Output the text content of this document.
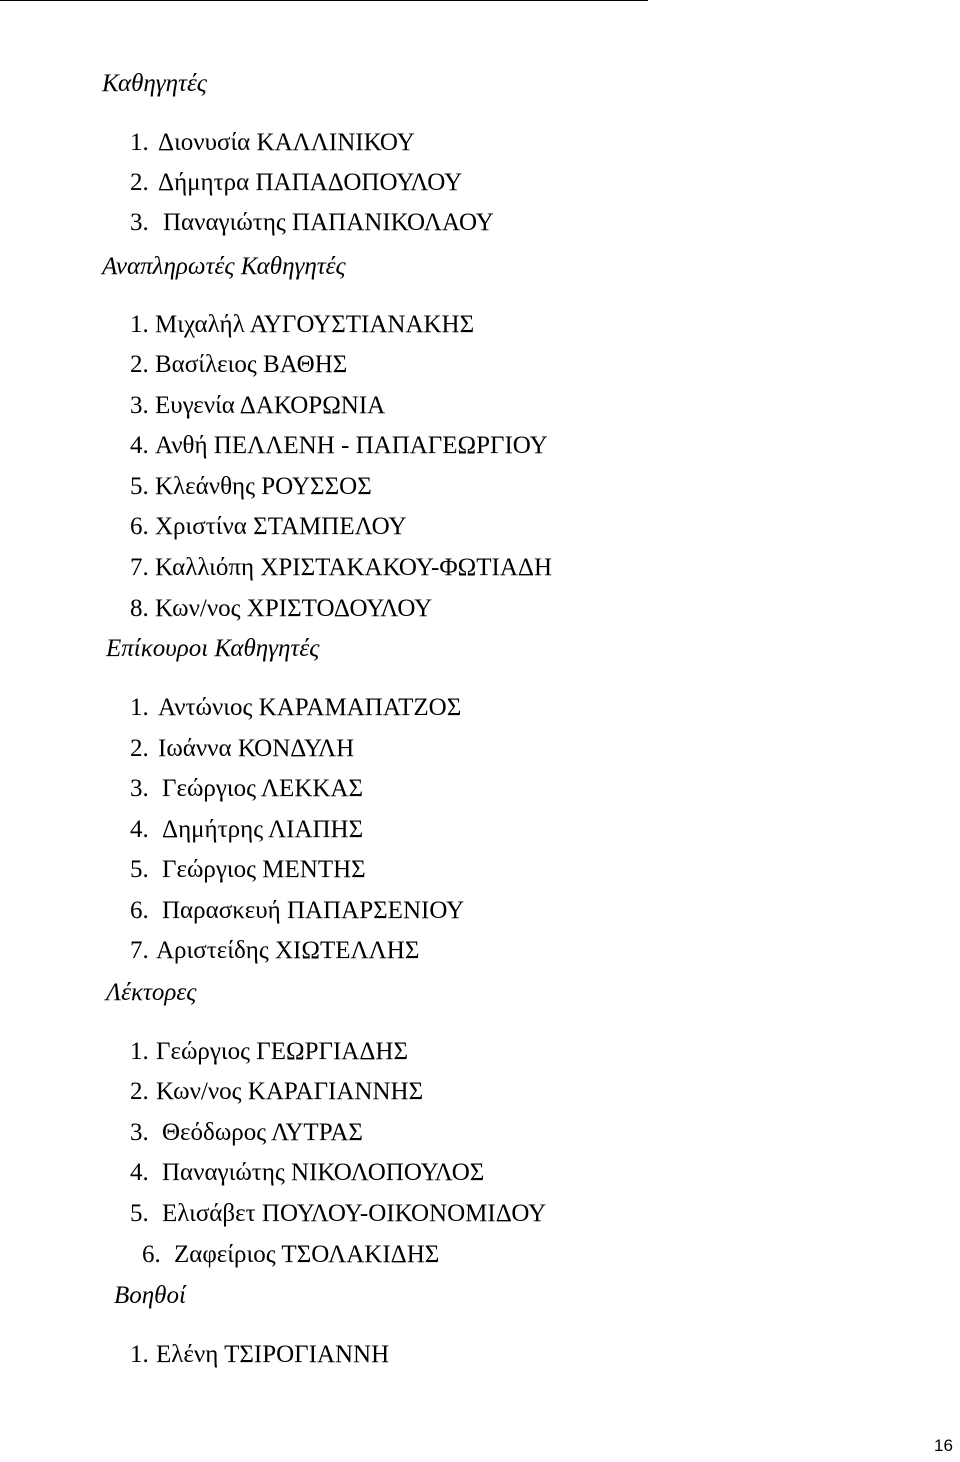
Καθηγητές
1. Διονυσία ΚΑΛΛΙΝΙΚΟΥ
2. Δήμητρα ΠΑΠΑΔΟΠΟΥΛΟΥ
3. Παναγιώτης ΠΑΠΑΝΙΚΟΛΑΟΥ
Αναπληρωτές Καθηγητές
1. Μιχαλήλ ΑΥΓΟΥΣΤΙΑΝΑΚΗΣ
2. Βασίλειος ΒΑΘΗΣ
3. Ευγενία ΔΑΚΟΡΩΝΙΑ
4. Ανθή ΠΕΛΛΕΝΗ - ΠΑΠΑΓΕΩΡΓΙΟΥ
5. Κλεάνθης ΡΟΥΣΣΟΣ
6. Χριστίνα ΣΤΑΜΠΕΛΟΥ
7. Καλλιόπη ΧΡΙΣΤΑΚΑΚΟΥ-ΦΩΤΙΑΔΗ
8. Κων/νος ΧΡΙΣΤΟΔΟΥΛΟΥ
Επίκουροι Καθηγητές
1. Αντώνιος ΚΑΡΑΜΑΠΑΤΖΟΣ
2. Ιωάννα ΚΟΝΔΥΛΗ
3. Γεώργιος ΛΕΚΚΑΣ
4. Δημήτρης ΛΙΑΠΗΣ
5. Γεώργιος ΜΕΝΤΗΣ
6. Παρασκευή ΠΑΠΑΡΣΕΝΙΟΥ
7. Αριστείδης ΧΙΩΤΕΛΛΗΣ
Λέκτορες
1. Γεώργιος ΓΕΩΡΓΙΑΔΗΣ
2. Κων/νος ΚΑΡΑΓΙΑΝΝΗΣ
3. Θεόδωρος ΛΥΤΡΑΣ
4. Παναγιώτης ΝΙΚΟΛΟΠΟΥΛΟΣ
5. Ελισάβετ ΠΟΥΛΟΥ-ΟΙΚΟΝΟΜΙΔΟΥ
6. Ζαφείριος ΤΣΟΛΑΚΙΔΗΣ
Βοηθοί
1. Ελένη ΤΣΙΡΟΓΙΑΝΝΗ
16
